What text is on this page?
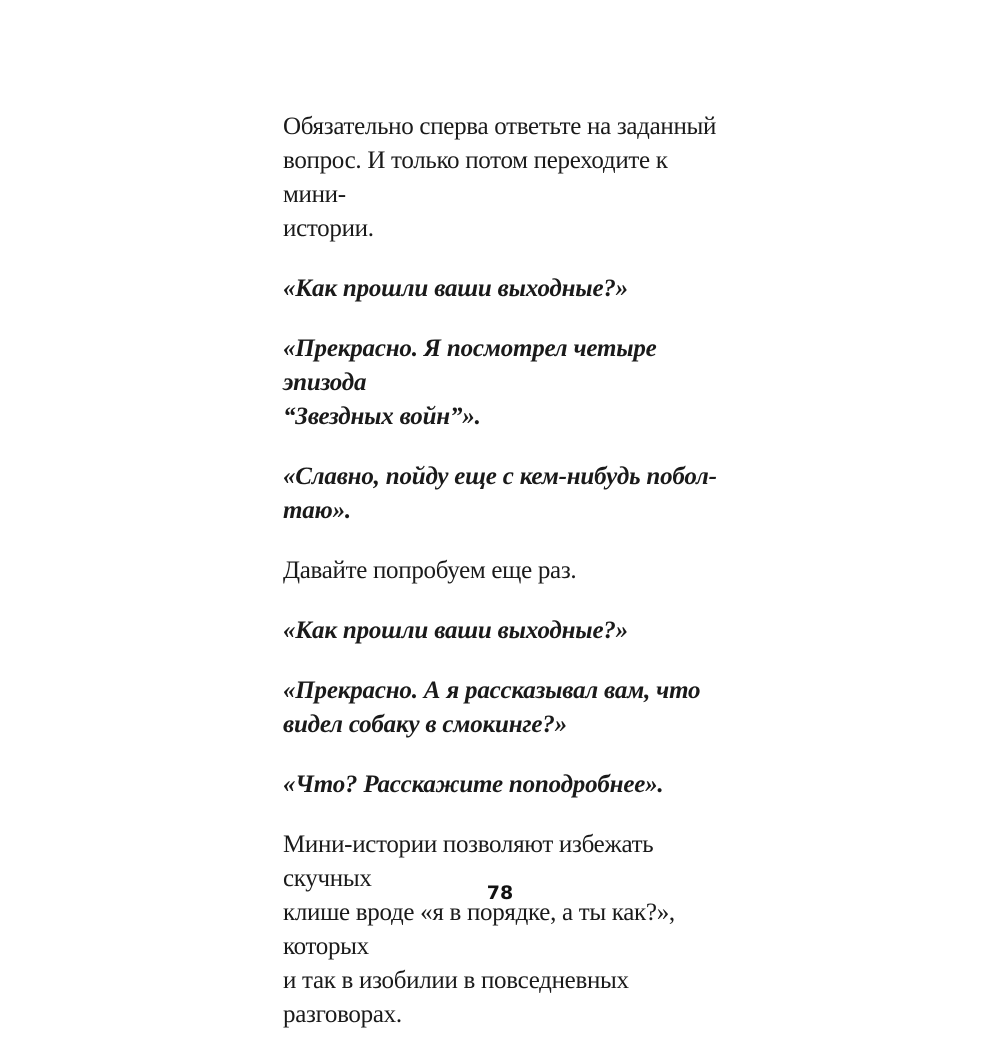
Обязательно сперва ответьте на заданный
вопрос. И только потом переходите к мини-
истории.

«Как прошли ваши выходные?»

«Прекрасно. Я посмотрел четыре эпизода
“Звездных войн”».

«Славно, пойду еще с кем-нибудь побол-
таю».

Давайте попробуем еще раз.

«Как прошли ваши выходные?»

«Прекрасно. А я рассказывал вам, что
видел собаку в смокинге?»

«Что? Расскажите поподробнее».

Мини-истории позволяют избежать скучных
клише вроде «я в порядке, а ты как?», которых
и так в изобилии в повседневных разговорах.

78
